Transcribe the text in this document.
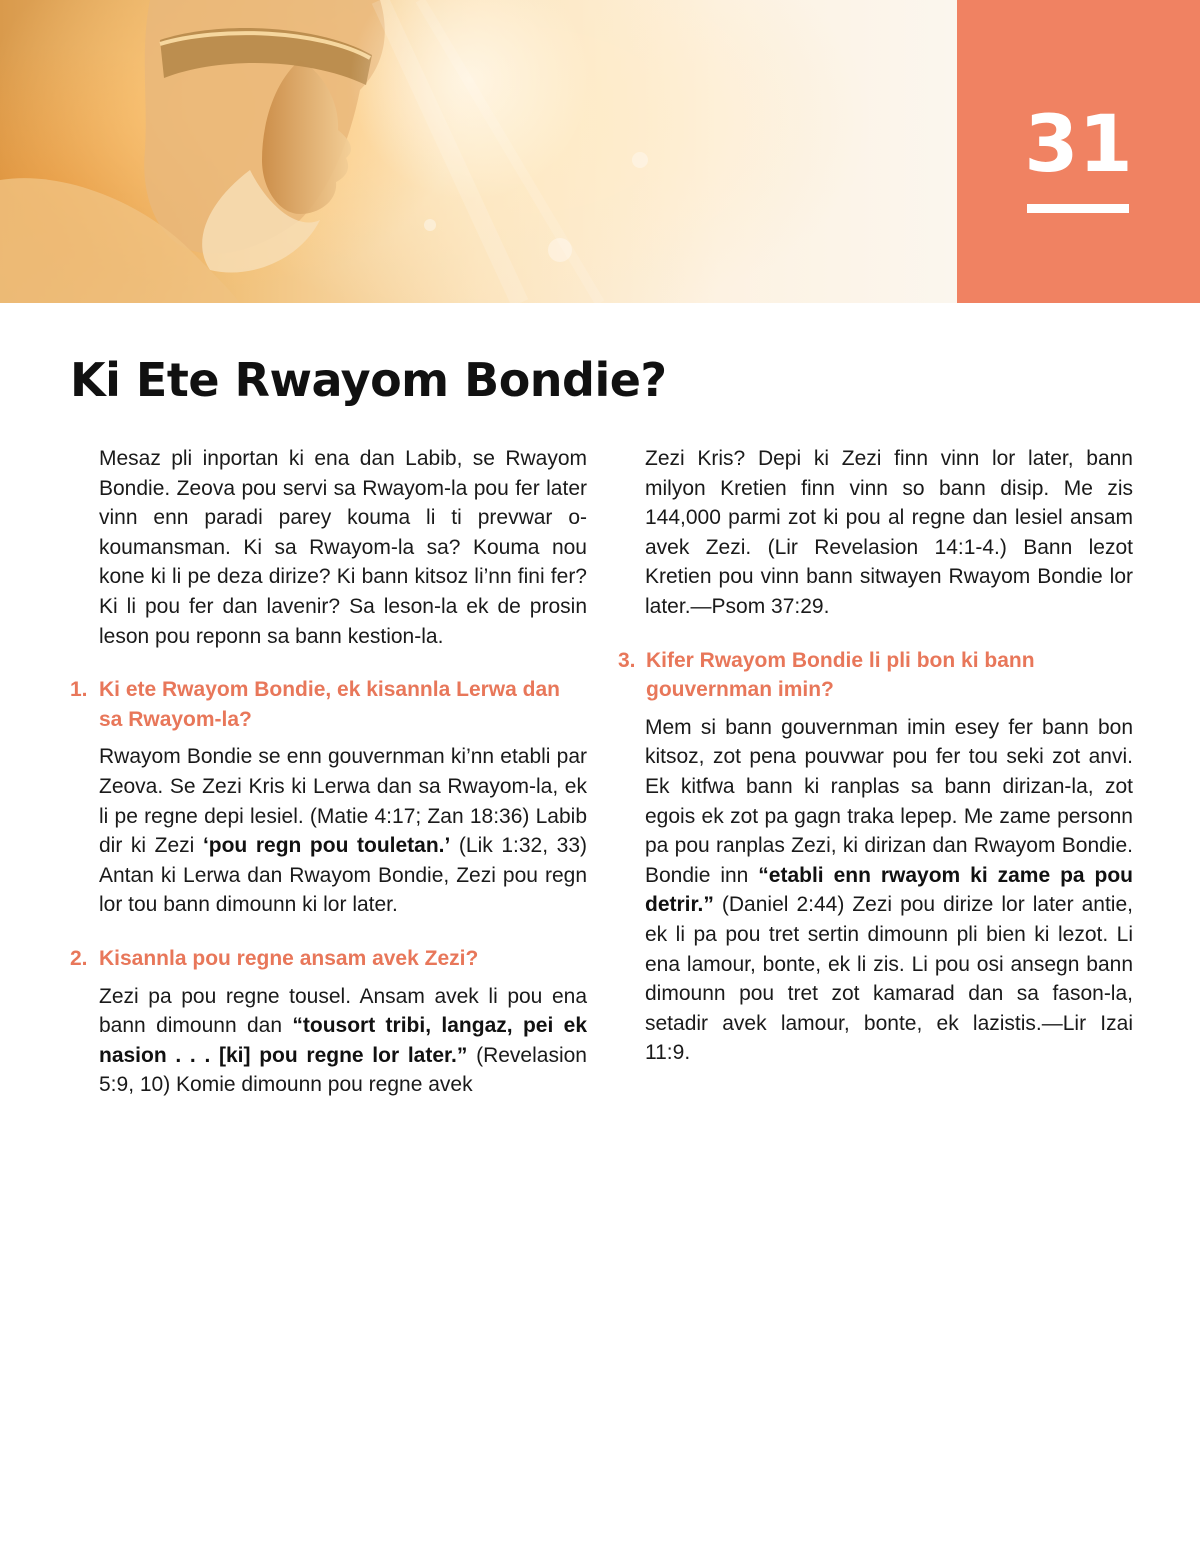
31
Ki Ete Rwayom Bondie?

Mesaz pli inportan ki ena dan Labib, se Rwayom Bondie. Zeova pou servi sa Rwayom-la pou fer later vinn enn paradi parey kouma li ti prevwar o-koumansman. Ki sa Rwayom-la sa? Kouma nou kone ki li pe deza dirize? Ki bann kitsoz li’nn fini fer? Ki li pou fer dan lavenir? Sa leson-la ek de prosin leson pou reponn sa bann kestion-la.

1. Ki ete Rwayom Bondie, ek kisannla Lerwa dan sa Rwayom-la?

Rwayom Bondie se enn gouvernman ki’nn etabli par Zeova. Se Zezi Kris ki Lerwa dan sa Rwayom-la, ek li pe regne depi lesiel. (Matie 4:17; Zan 18:36) Labib dir ki Zezi ‘pou regn pou touletan.’ (Lik 1:32, 33) Antan ki Lerwa dan Rwayom Bondie, Zezi pou regn lor tou bann dimounn ki lor later.

2. Kisannla pou regne ansam avek Zezi?

Zezi pa pou regne tousel. Ansam avek li pou ena bann dimounn dan “tousort tribi, langaz, pei ek nasion . . . [ki] pou regne lor later.” (Revelasion 5:9, 10) Komie dimounn pou regne avek

Zezi Kris? Depi ki Zezi finn vinn lor later, bann milyon Kretien finn vinn so bann disip. Me zis 144,000 parmi zot ki pou al regne dan lesiel ansam avek Zezi. (Lir Revelasion 14:1-4.) Bann lezot Kretien pou vinn bann sitwayen Rwayom Bondie lor later.—Psom 37:29.

3. Kifer Rwayom Bondie li pli bon ki bann gouvernman imin?

Mem si bann gouvernman imin esey fer bann bon kitsoz, zot pena pouvwar pou fer tou seki zot anvi. Ek kitfwa bann ki ranplas sa bann dirizan-la, zot egois ek zot pa gagn traka lepep. Me zame personn pa pou ranplas Zezi, ki dirizan dan Rwayom Bondie. Bondie inn “etabli enn rwayom ki zame pa pou detrir.” (Daniel 2:44) Zezi pou dirize lor later antie, ek li pa pou tret sertin dimounn pli bien ki lezot. Li ena lamour, bonte, ek li zis. Li pou osi ansegn bann dimounn pou tret zot kamarad dan sa fason-la, setadir avek lamour, bonte, ek lazistis.—Lir Izai 11:9.
